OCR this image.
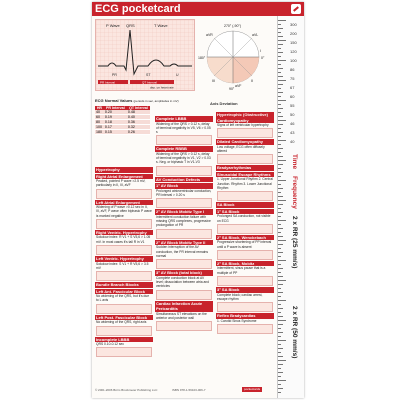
ECG pocketcard
P Wave QRS	T Wave
PR	ST	U
PR Interval	QT Interval
dep. on heart rate
270° (-90°)
180°	0°
90°
aVR	aVL
I
II
III
aVF
Axis Deviation
ECG Normal Values (periods in sec, amplitudes in mV)
HR	PR Interval	QT Interval
40	0.20	0.48
60	0.19	0.40
80	0.18	0.36
100	0.17	0.32
180	0.15	0.26
Hypertrophy
Right Atrial Enlargement
Peaked, pointed P wave >2.5 mV, particularly in II, III, aVF
Left Atrial Enlargement
Widening of P wave >0.12 sec in II, III, aVF, P wave often biphasic P wave is marked negative
Right Ventric. Hypertrophy
Sokolow index: R V1 + S V5,6 > 1.05 mV. In most cases it's tall R in V1
Left Ventric. Hypertrophy
Sokolow index: S V1 + R V5,6 > 3.5 mV
Bundle Branch Blocks
Left Ant. Fascicular Block
No widening of the QRS, but it's due to L axis
Left Post. Fascicular Block
No widening of the QRS, right axis
Incomplete LBBB
QRS 0.10-0.12 sec
Complete LBBB
Widening of the QRS > 0.12 s, delay of terminal negativity in V5, V6 > 0.05 s
Complete RBBB
Widening of the QRS > 0.12 s, delay of terminal negativity in V1, V2 > 0.03 s. Neg. or biphasic T in V1-V3
AV Conduction Defects
1° AV Block
Prolonged atrioventricular conduction, PR interval > 0.20 s
2° AV Block Mobitz Type I
Intermittent conduction failure with missing QRS complexes, progressive prolongation of PR
2° AV Block Mobitz Type II
Sudden interruption of the AV conduction, the PR interval remains normal
3° AV Block (total block)
Complete conduction block at AV level; dissociation between atria and ventricles
Cardiac Infarction Acute Pericarditis
Simultaneous ST elevations on the anterior and posterior wall
Hypertrophic (Obstructive) Cardiomyopathy
Signs of left ventricular hypertrophy
Dilated Cardiomyopathy
Low voltage, ECG often diffusely altered
Bradyarrhythmias
Sinusoidal Escape Rhythms
1. Upper Junctional Rhythm 2. Central Junction. Rhythm 3. Lower Junctional Rhythm
SA Block
1° SA Block
Prolonged SA conduction, not visible on ECG
2° SA Block, Wenckebach
Progressive shortening of PP interval until a P wave is absent
2° SA Block, Mobitz
Intermittent, sinus pause that is a multiple of PP
3° SA Block
Complete block; cardiac arrest, escape rhythm
Reflex Bradycardias
1. Carotid Sinus Syndrome
© 2001-2006 Börm Bruckmeier Publishing LLC	ISBN 978-1-59103-006-7	pocketcards
Time
Frequency
2 x RR (25 mm/s)
2 x RR (50 mm/s)
300
200
150
120
100
86
75
67
60
55
50
46
43
40
